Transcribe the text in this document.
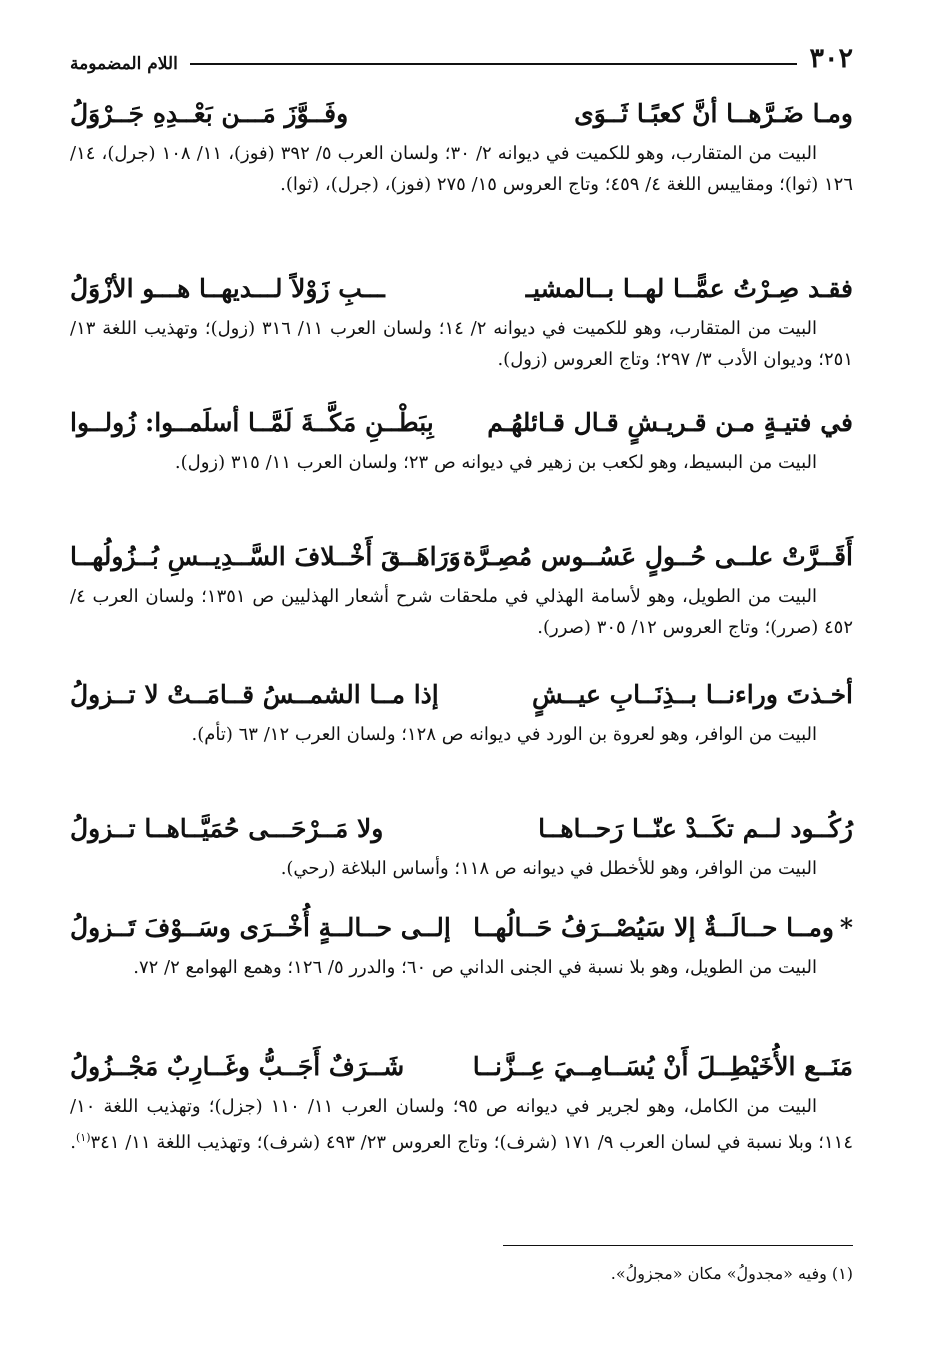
٣٠٢
اللام المضمومة
ومـا ضَـرَّهــا أنَّ كعبًـا ثَــوَى
وفَــوَّزَ مَـــن بَعْــدِهِ جَــرْوَلُ

البيت من المتقارب، وهو للكميت في ديوانه ٢/ ٣٠؛ ولسان العرب ٥/ ٣٩٢ (فوز)، ١١/ ١٠٨ (جرل)، ١٤/ ١٢٦ (ثوا)؛ ومقاييس اللغة ٤/ ٤٥٩؛ وتاج العروس ١٥/ ٢٧٥ (فوز)، (جرل)، (ثوا).

فقـد صِـرْتُ عمًّــا لهــا بــالمشيـ
ـــبِ زَوْلاً لـــديهــا هـــو الأزْوَلُ

البيت من المتقارب، وهو للكميت في ديوانه ٢/ ١٤؛ ولسان العرب ١١/ ٣١٦ (زول)؛ وتهذيب اللغة ١٣/ ٢٥١؛ وديوان الأدب ٣/ ٢٩٧؛ وتاج العروس (زول).

في فتيـةٍ مـن قـريـشٍ قـال قـائلهُـم
بِبَطْــنِ مَكَّــةَ لَمَّــا أسلَمــوا: زُولــوا

البيت من البسيط، وهو لكعب بن زهير في ديوانه ص ٢٣؛ ولسان العرب ١١/ ٣١٥ (زول).

أَقَــرَّتْ علــى حُــولٍ عَسُــوس مُصِـرَّة
وَرَاهَــقَ أَخْــلافَ السَّــدِيــسِ بُــزُولُهــا

البيت من الطويل، وهو لأسامة الهذلي في ملحقات شرح أشعار الهذليين ص ١٣٥١؛ ولسان العرب ٤/ ٤٥٢ (صرر)؛ وتاج العروس ١٢/ ٣٠٥ (صرر).

أخـذتَ وراءنــا بــذِنَــابِ عيــشٍ
إذا مــا الشمــسُ قــامَــتْ لا تــزولُ

البيت من الوافر، وهو لعروة بن الورد في ديوانه ص ١٢٨؛ ولسان العرب ١٢/ ٦٣ (تأم).

رُكُــود لــم تكَــدْ عنّــا رَحــاهــا
ولا مَــرْحَـــى حُمَيَّــاهــا تــزولُ

البيت من الوافر، وهو للأخطل في ديوانه ص ١١٨؛ وأساس البلاغة (رحي).

*ومــا حــالَــةٌ إلا سَيُصْــرَفُ حَــالُهــا
إلــى حــالــةٍ أُخْــرَى وسَــوْفَ تَــزولُ

البيت من الطويل، وهو بلا نسبة في الجنى الداني ص ٦٠؛ والدرر ٥/ ١٢٦؛ وهمع الهوامع ٢/ ٧٢.

مَنَــع الأُخَيْطِــلَ أَنْ يُسَــامِــيَ عِــزَّنــا
شَــرَفٌ أَجَــبُّ وغَــارِبٌ مَجْــزُولُ

البيت من الكامل، وهو لجرير في ديوانه ص ٩٥؛ ولسان العرب ١١/ ١١٠ (جزل)؛ وتهذيب اللغة ١٠/ ١١٤؛ وبلا نسبة في لسان العرب ٩/ ١٧١ (شرف)؛ وتاج العروس ٢٣/ ٤٩٣ (شرف)؛ وتهذيب اللغة ١١/ ٣٤١$^{(١)}$.

(١) وفيه «مجدولُ» مكان «مجزولُ».
